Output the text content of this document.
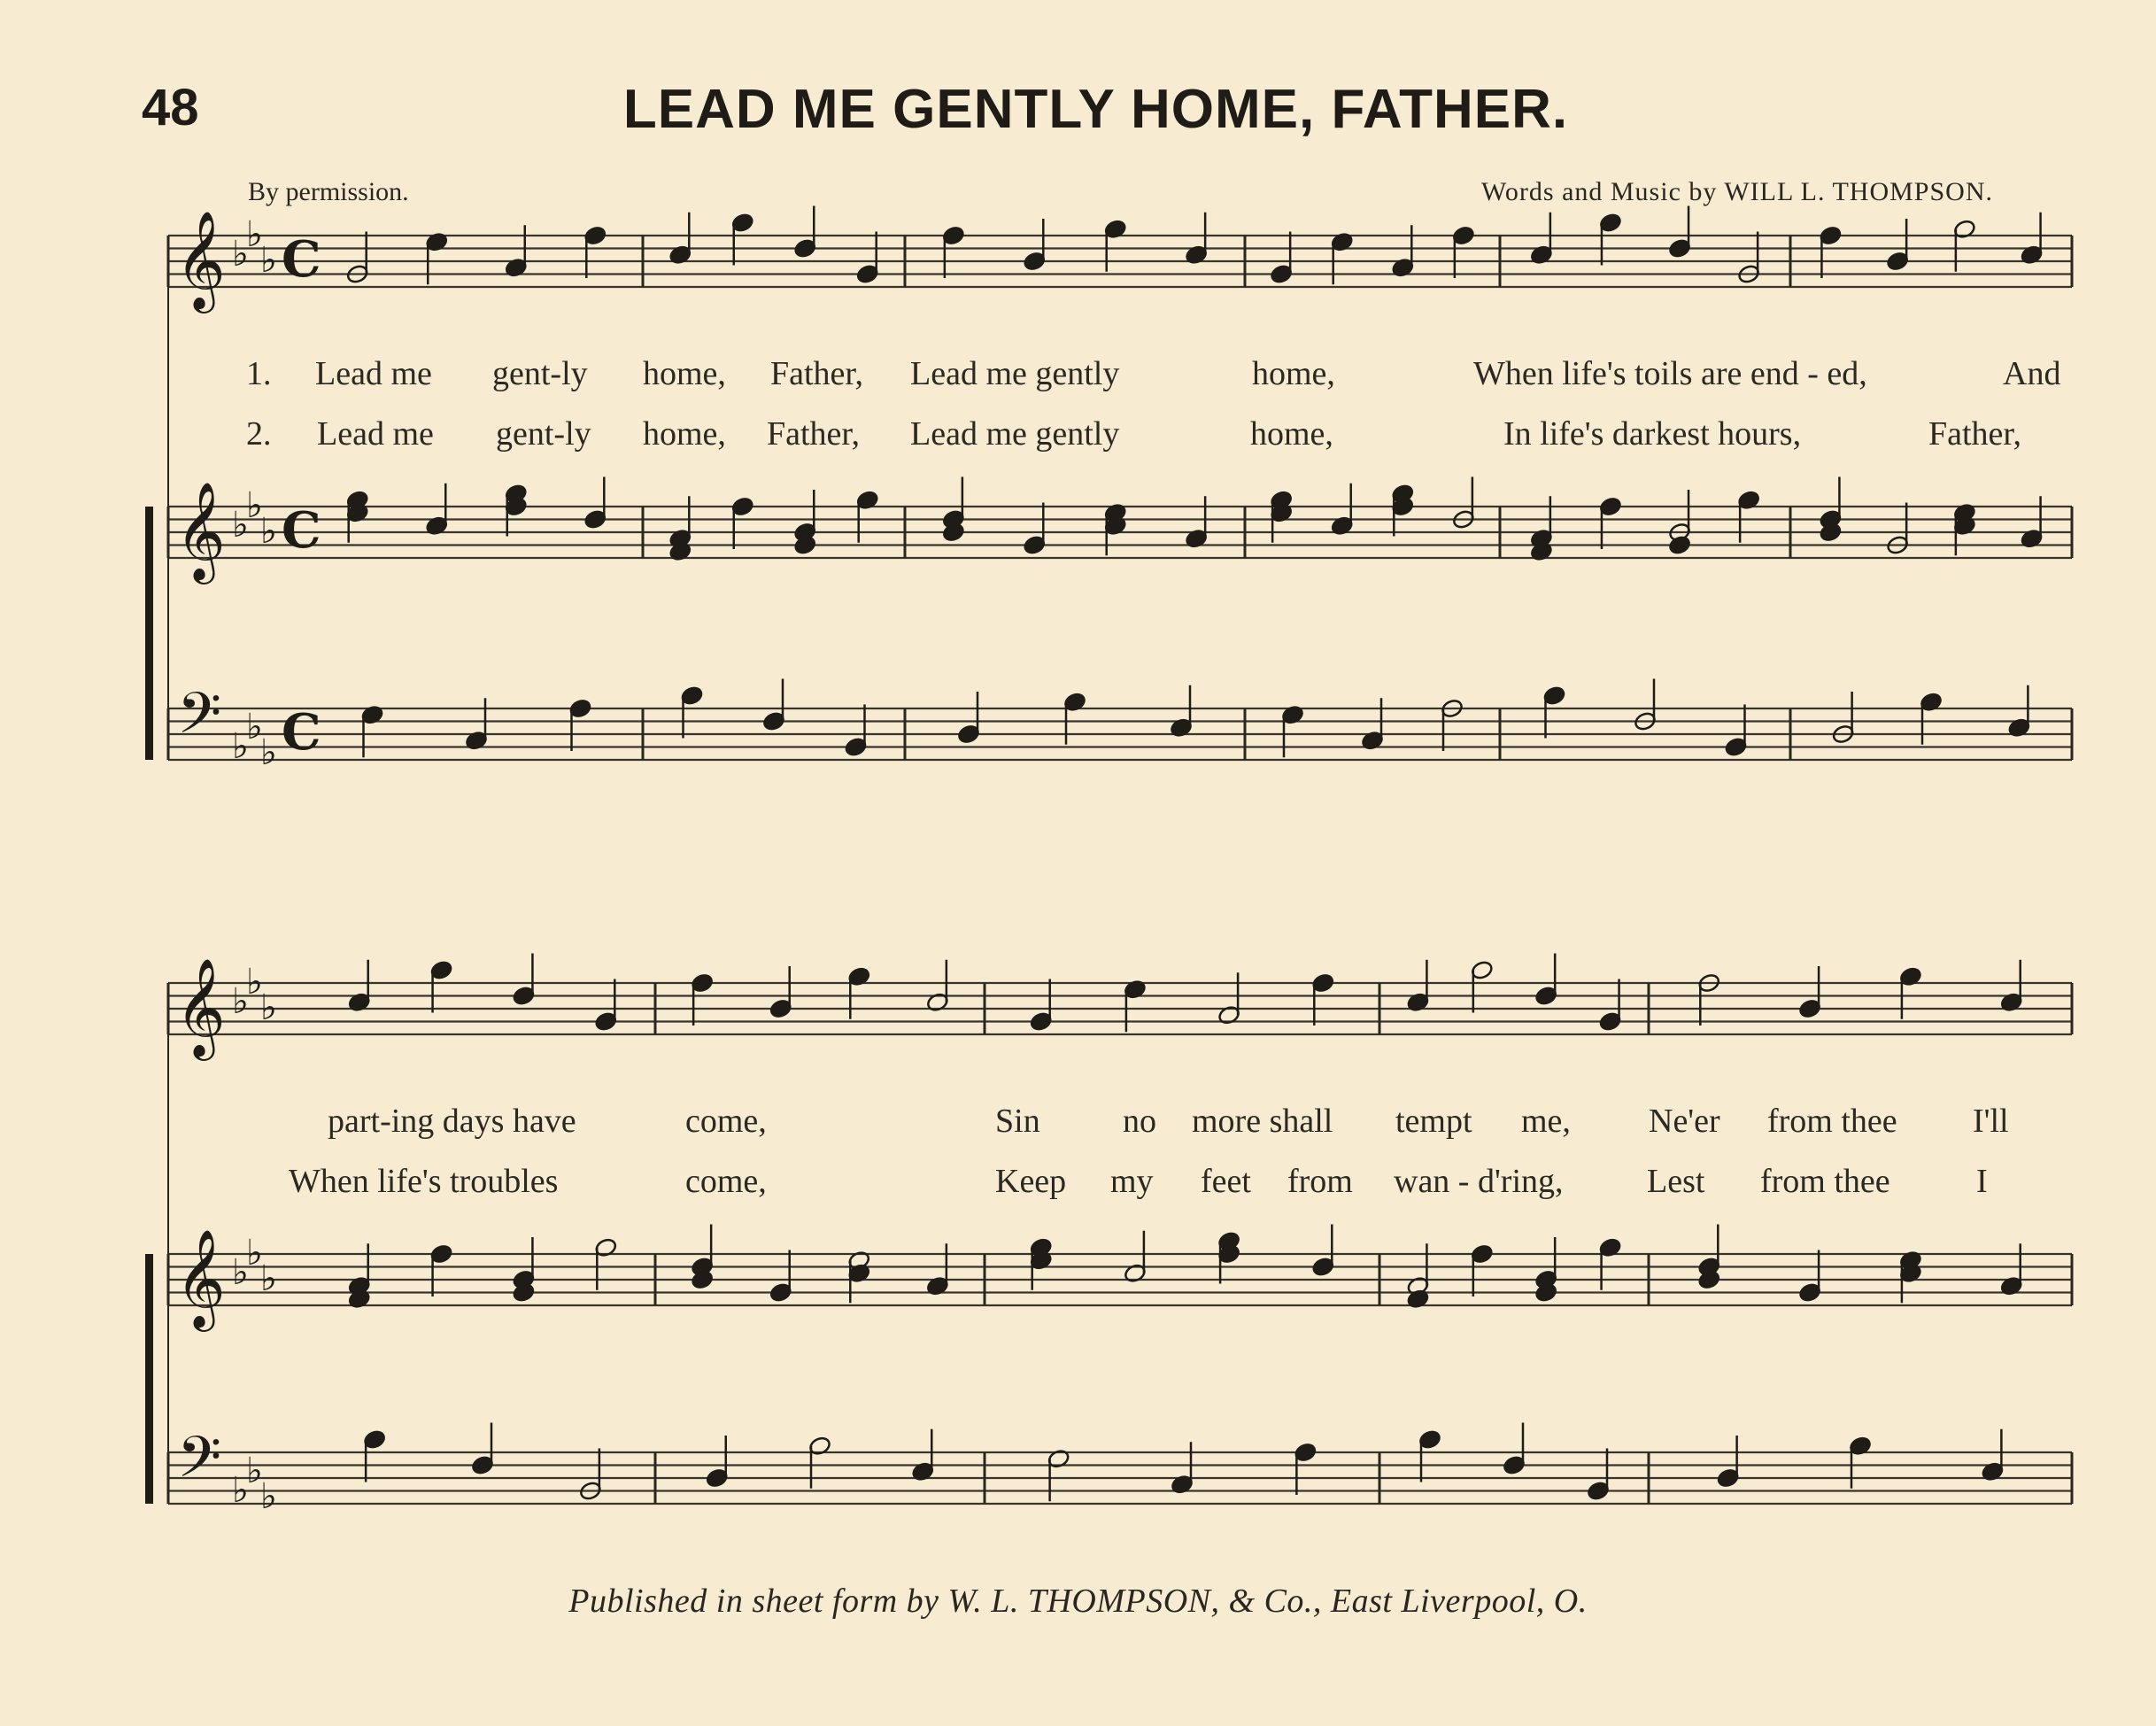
48	LEAD ME GENTLY HOME, FATHER.
By permission.	Words and Music by WILL L. THOMPSON.
𝄞
𝄞
𝄢
𝄞
𝄞
𝄢
♭
♭
♭
♭
♭
♭
♭
♭
♭
♭
♭
♭
♭
♭
♭
♭
♭
♭
C
C
C
1. Lead me gent-ly home, Father, Lead me gently	home,	When life's toils are end - ed,	And
2. Lead me gent-ly home, Father, Lead me gently	home,	In life's darkest hours,	Father,
part-ing days have	come,	Sin no more shall tempt me, Ne'er from thee I'll
When life's troubles	come,	Keep my feet from wan - d'ring, Lest from thee	I
Published in sheet form by W. L. THOMPSON, & Co., East Liverpool, O.
